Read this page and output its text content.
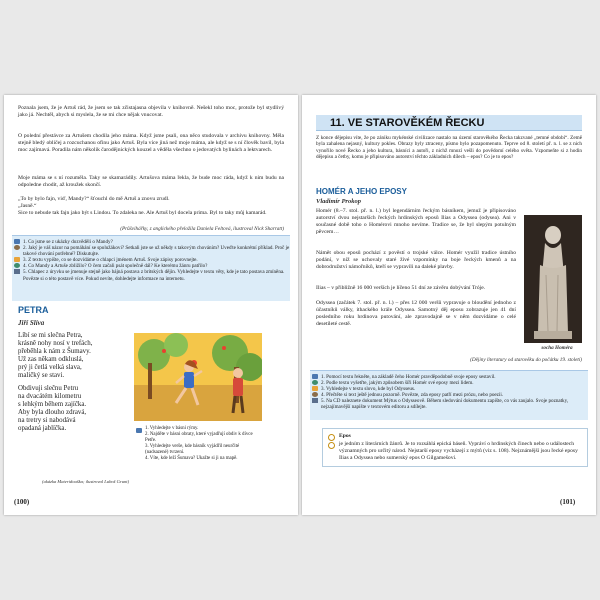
Poznala jsem, že je Artuš rád, že jsem se tak zčistajasna objevila v knihovně. Nešekl toho moc, protože byl stydlivý jako já. Nechtěl, abych si myslela, že se mi chce nějak vnucovat.

O polední přestávce za Artušem chodila jeho máma. Když jsme psali, ona něco studovala v archivu knihovny. Měla stejně bledý obličej a rozcuchanou ofinu jako Artuš. Byla více jiná než moje máma, ale když se s ní člověk bavil, byla moc zajímavá. Poradila nám několik čarodějnických kouzel a věděla všechno o jedovatých bylinách a lektvarech.

Moje máma se s ní rozuměla. Taky se skamarádily. Artušova máma řekla, že bude moc ráda, když k nim budu na odpoledne chodit, až kroužek skončí.

„To by bylo fajn, viď, Mandy?“ šťouchl do mě Artuš a znovu zrudl.

„Jasně.“

Sice to nebude tak fajn jako být s Lindou. To zdaleka ne. Ale Artuš byl docela prima. Byl to taky můj kamarád.

(Průšvihářky, z anglického přeložila Daniela Feltová, ilustroval Nick Sharratt)

1. Co jsme se z ukázky dozvěděli o Mandy?
2. Jaký je váš názor na pomáhání se spolužákovi? Setkali jste se už někdy s takovým chováním? Uveďte konkrétní příklad. Proč je takové chování potřebné? Diskutujte.
3. Z textu vypište, co se dozvídáme o chlapci jménem Artuš. Svoje zápisy porovnejte.
4. Co Mandy a Artuše zbližilo? O čem začali psát společně dál? Ke kterému žánru patřilo?
5. Chlapec z úryvku se jmenuje stejně jako bájná postava z britských dějin. Vyhledejte v textu věty, kde je tato postava zmíněna. Povězte si o této postavě více. Pokud nevíte, dohledejte informace na internetu.

PETRA

Jiří Slíva

Líbí se mi slečna Petra,
krásně nohy nosí v trefách,
přeběhla k nám z Šumavy.
Už zas někam odkluslá,
prý ji četlá velká slava,
maličký se stavi.
Obdivuji slečnu Petru
na dvacátém kilometru
s lehkým během zajíčka.
Aby byla dlouho zdravá,
na tretry si nabodává
opadaná jablíčka.

(ukázka Materidouška; ilustroval Luboš Grunt)

1. Vyhledejte v básni rýmy.
2. Najděte v básni obraty, které vyjadřují obdiv k dívce Petře.
3. Vyhledejte verše, kde básník vyjádřil neurčité (nadsazené) tvrzení.
4. Víte, kde leží Šumava? Ukažte si ji na mapě.

(100)

11. VE STAROVĚKÉM ŘECKU

Z konce dějepisu víte, že po zániku mykénské civilizace nastalo na území starověkého Řecka takzvané „temné období“. Země byla zahalena nejasný, kultury pokles. Obrazy byly ztraceny, písmo bylo pozapomenuto. Teprve od 8. století př. n. l. se z nich vynořilo nové Řecko a jeho kultura, básníci a autoři, z nichž mnozí vešli do povědomí celého světa. Vzpomeňte si z hodin dějepisu a četby, komu je připisováno autorství těchto základních dílech – epos? Co je to epos?

HOMÉR A JEHO EPOSY

Vladimír Prokop

Homér (8.–7. stol. př. n. l.) byl legendárním řeckým básníkem, jemuž je připisováno autorství dvou nejstarších řeckých hrdinských eposů Ilias a Odyssea (odysea). Ani v současné době toho o Homérovi mnoho nevíme. Tradice se, že byl slepým potulným pěvcem…

Námět obou eposů pochází z pověstí o trojské válce. Homér využil tradice ústního podání, v níž se uchovaly staré živé vzpomínky na boje řeckých kmenů a na dobrodružství námořníků, kteří se vypravili na daleké plavby.

Ilias – v přibližně 16 000 verších je líčeno 51 dní ze závěru dobývání Tróje.

Odyssea (začátek 7. stol. př. n. l.) – přes 12 000 veršů vypravuje o bloudění jednoho z účastníků války, ithackého krále Odyssea. Samotný děj eposu zobrazuje jen 41 dní posledního roku hrdinova putování, ale zpravodajně se v něm dozvídáme o celé desetileté cestě.

socha Homéra

(Dějiny literatury od starověku do počátku 19. století)

1. Pomocí textu řekněte, na základě čeho Homér pravděpodobně svoje eposy sestavil.
2. Podle textu vyšetřte, jakým způsobem šíři Homér své eposy mezi lidem.
3. Vyhledejte v textu slovo, kde byl Odysseus.
4. Přečtěte si text ještě jednou pozorně. Povězte, zda eposy patří mezi prózu, nebo poezii.
5. Na CD naleznete dokument Mýtus o Odysseově. Během sledování dokumentu zapište, co vás zaujalo. Svoje poznatky, nejzajímavější napište v textovém editoru a sdílejte.
Epos
je jedním z literárních žánrů. Je to rozsáhlá epická báseň. Vypráví o hrdinských činech nebo o událostech významných pro určitý národ. Nejstarší eposy vycházejí z mýtů (viz s. 108). Nejznámější jsou řecké eposy Ilias a Odyssea nebo sumerský epos O Gilgamešovi.

(101)
